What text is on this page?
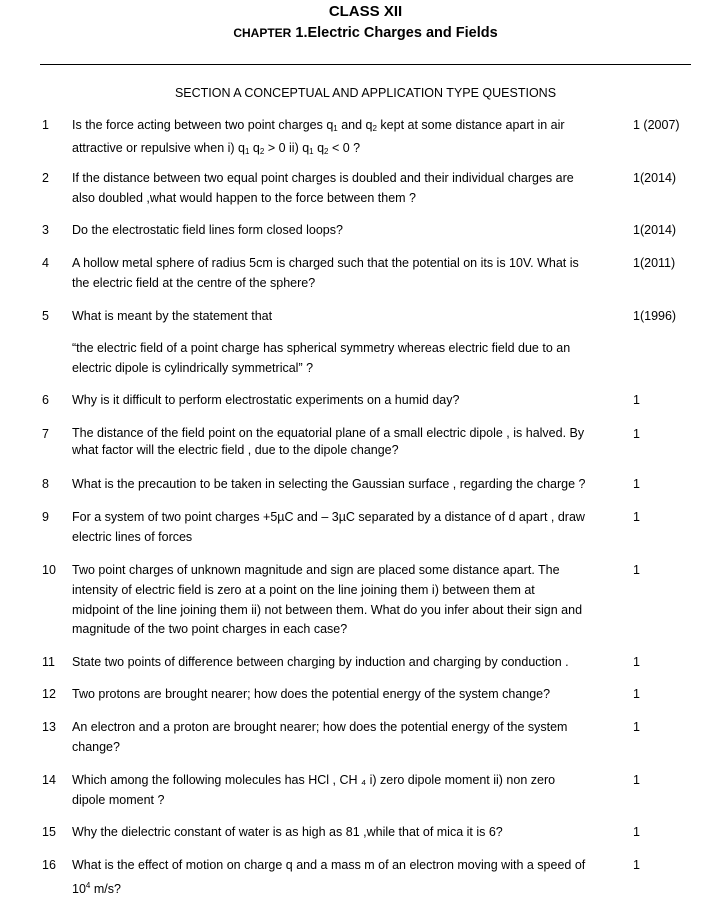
CLASS XII
CHAPTER 1.Electric Charges and Fields
SECTION A CONCEPTUAL AND APPLICATION TYPE QUESTIONS
1	Is the force acting between two point charges $q_1$ and $q_2$ kept at some distance apart in air
attractive or repulsive when i) $q_1$ $q_2 > 0$ ii) $q_1$ $q_2 < 0$ ?
1 (2007)
2	If the distance between two equal point charges is doubled and their individual charges are
also doubled ,what would happen to the force between them ?
1(2014)
3	Do the electrostatic field lines form closed loops?	1(2014)
4	A hollow metal sphere of radius 5cm is charged such that the potential on its is 10V. What is
the electric field at the centre of the sphere?
1(2011)
5	What is meant by the statement that	1(1996)
“the electric field of a point charge has spherical symmetry whereas electric field due to an
electric dipole is cylindrically symmetrical” ?
6	Why is it difficult to perform electrostatic experiments on a humid day?	1
7	The distance of the field point on the equatorial plane of a small electric dipole , is halved. By
what factor will the electric field , due to the dipole change?
1
8	What is the precaution to be taken in selecting the Gaussian surface , regarding the charge ?	1
9	For a system of two point charges +5µC and – 3µC separated by a distance of d apart , draw
electric lines of forces
1
10	Two point charges of unknown magnitude and sign are placed some distance apart. The
intensity of electric field is zero at a point on the line joining them i) between them at
midpoint of the line joining them ii) not between them. What do you infer about their sign and
magnitude of the two point charges in each case?
1
11	State two points of difference between charging by induction and charging by conduction .	1
12	Two protons are brought nearer; how does the potential energy of the system change?	1
13	An electron and a proton are brought nearer; how does the potential energy of the system
change?
1
14	Which among the following molecules has HCl , CH ₄ i) zero dipole moment ii) non zero
dipole moment ?
1
15	Why the dielectric constant of water is as high as 81 ,while that of mica it is 6?	1
16	What is the effect of motion on charge q and a mass m of an electron moving with a speed of
$10^4$ m/s?
1
